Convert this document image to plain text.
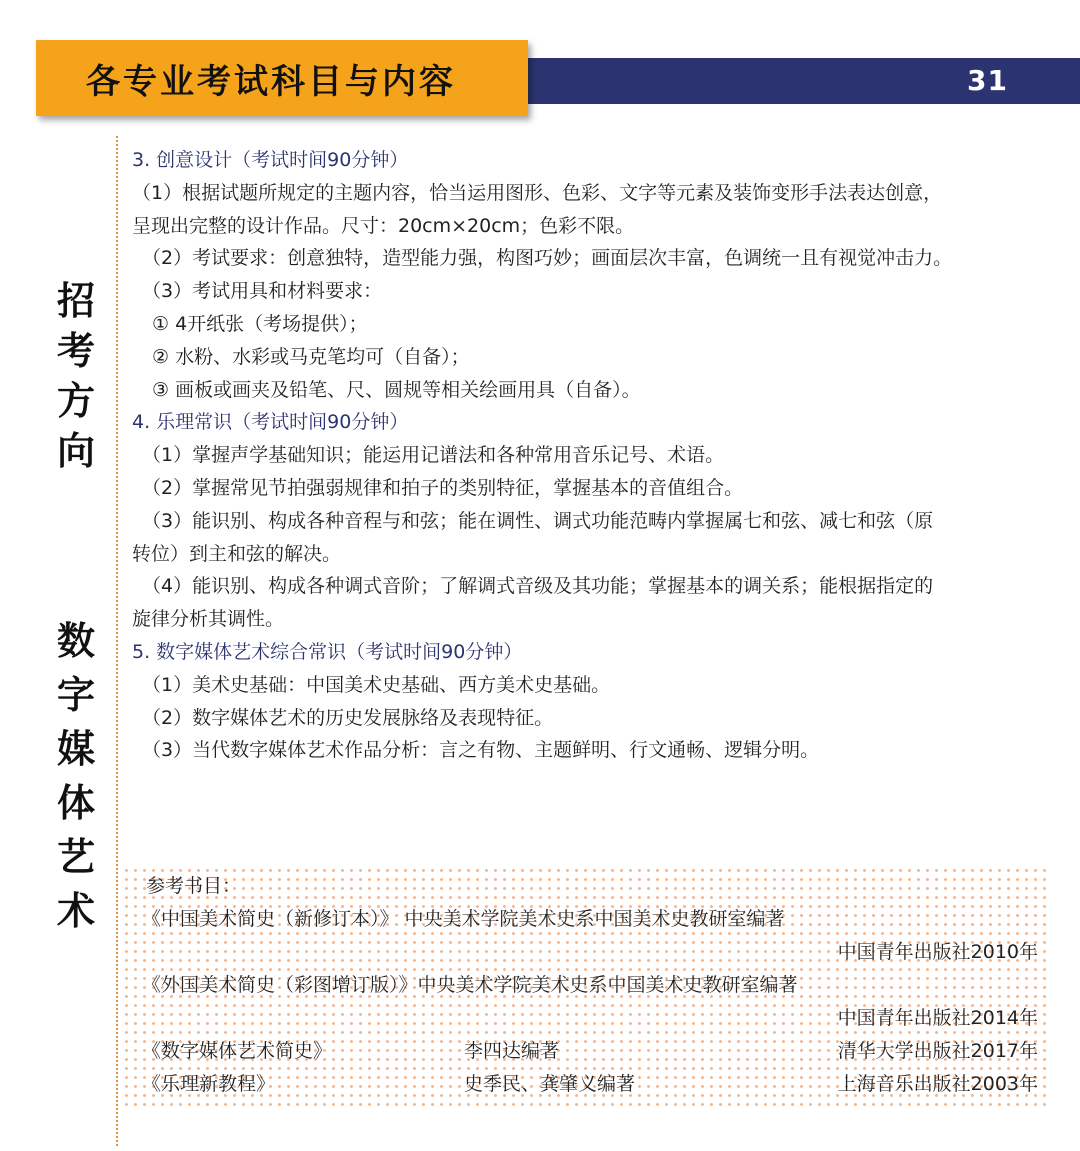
31
各专业考试科目与内容
招
考
方
向
数
字
媒
体
艺
术
3. 创意设计（考试时间90分钟）
（1）根据试题所规定的主题内容，恰当运用图形、色彩、文字等元素及装饰变形手法表达创意，
呈现出完整的设计作品。尺寸：20cm×20cm；色彩不限。
（2）考试要求：创意独特，造型能力强，构图巧妙；画面层次丰富，色调统一且有视觉冲击力。
（3）考试用具和材料要求：
① 4开纸张（考场提供）；
② 水粉、水彩或马克笔均可（自备）；
③ 画板或画夹及铅笔、尺、圆规等相关绘画用具（自备）。
4. 乐理常识（考试时间90分钟）
（1）掌握声学基础知识；能运用记谱法和各种常用音乐记号、术语。
（2）掌握常见节拍强弱规律和拍子的类别特征，掌握基本的音值组合。
（3）能识别、构成各种音程与和弦；能在调性、调式功能范畴内掌握属七和弦、减七和弦（原
转位）到主和弦的解决。
（4）能识别、构成各种调式音阶；了解调式音级及其功能；掌握基本的调关系；能根据指定的
旋律分析其调性。
5. 数字媒体艺术综合常识（考试时间90分钟）
（1）美术史基础：中国美术史基础、西方美术史基础。
（2）数字媒体艺术的历史发展脉络及表现特征。
（3）当代数字媒体艺术作品分析：言之有物、主题鲜明、行文通畅、逻辑分明。
参考书目：
《中国美术简史（新修订本）》 中央美术学院美术史系中国美术史教研室编著
中国青年出版社2010年
《外国美术简史（彩图增订版）》中央美术学院美术史系中国美术史教研室编著
中国青年出版社2014年
《数字媒体艺术简史》	李四达编著	清华大学出版社2017年
《乐理新教程》	史季民、龚肇义编著	上海音乐出版社2003年
